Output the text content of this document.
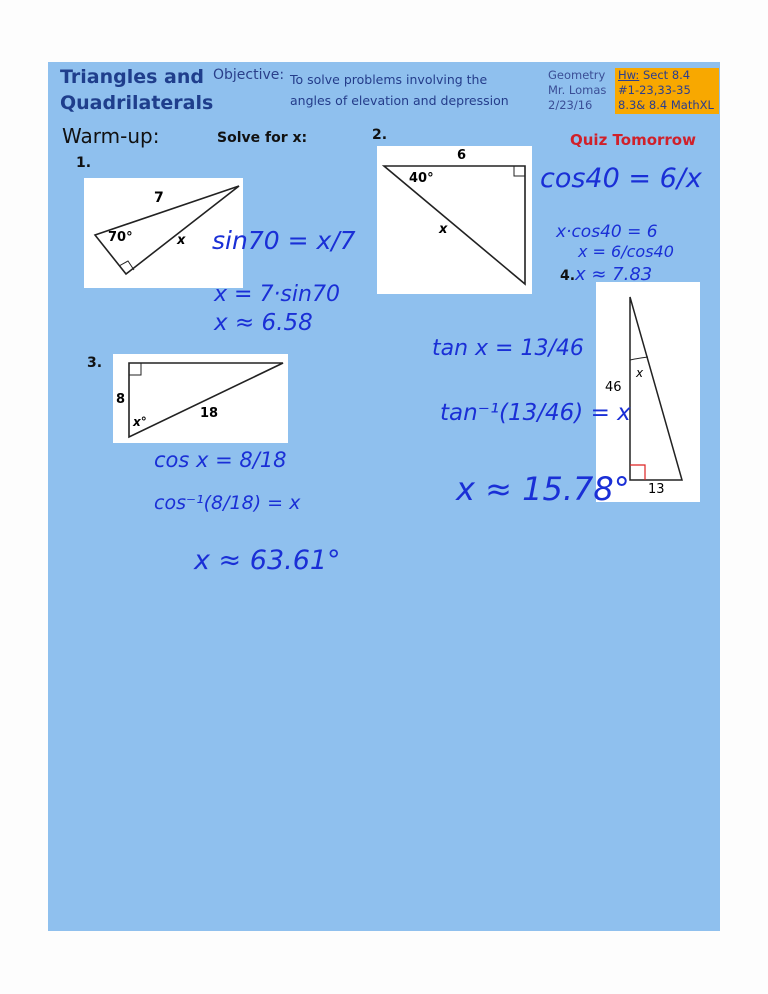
Triangles and
Quadrilaterals
Objective: To solve problems involving the
angles of elevation and depression
Geometry
Mr. Lomas
2/23/16
Hw: Sect 8.4
#1-23,33-35
8.3& 8.4 MathXL
Warm-up:	Solve for x:	Quiz Tomorrow
1.
2.
3.
4.
7
70°	x
6
40°
x
8
18
x°
46
13
x
sin70 = x/7
x = 7·sin70
x ≈ 6.58
cos40 = 6/x
x·cos40 = 6
x = 6/cos40
x ≈ 7.83
cos x = 8/18
cos⁻¹(8/18) = x
x ≈ 63.61°
tan x = 13/46
tan⁻¹(13/46) = x
x ≈ 15.78°
